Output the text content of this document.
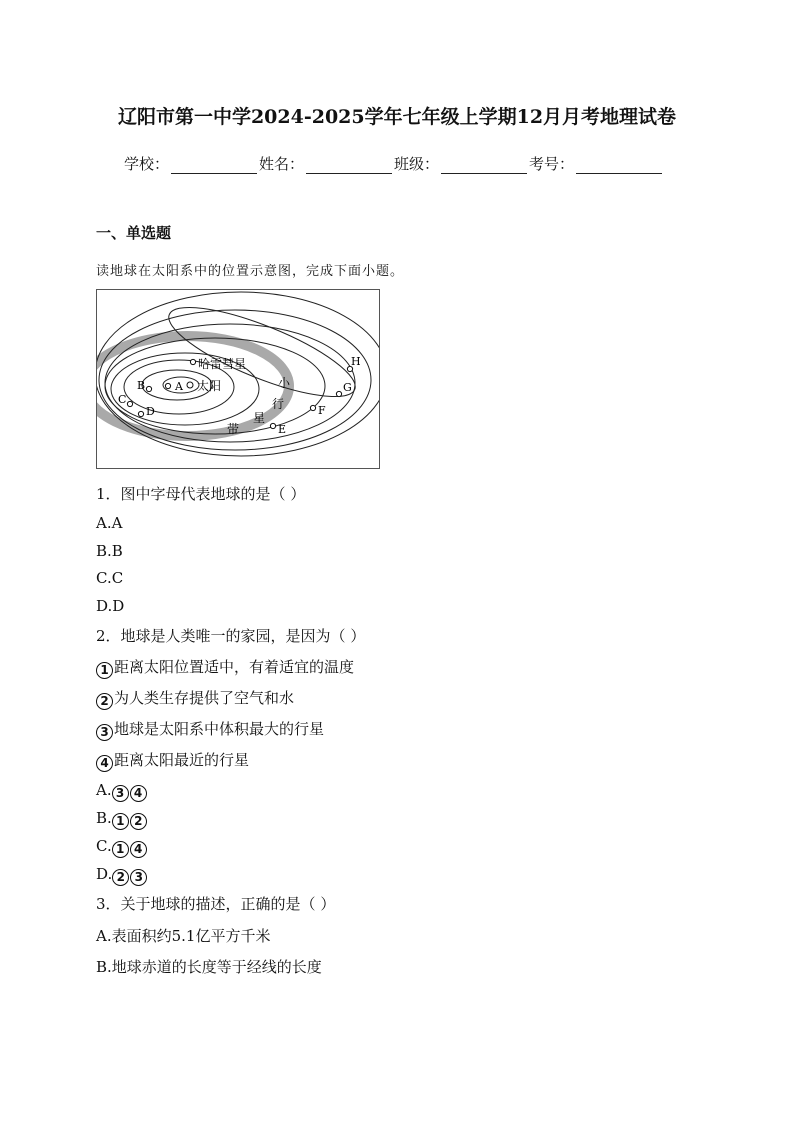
辽阳市第一中学2024-2025学年七年级上学期12月月考地理试卷
学校：	姓名：	班级：	考号：
一、单选题
读地球在太阳系中的位置示意图，完成下面小题。
太阳
哈雷彗星
A
B
C
D
E
F
G
H
小
行
星
带
1．图中字母代表地球的是（ ）
A.A
B.B
C.C
D.D
2．地球是人类唯一的家园，是因为（ ）
1 距离太阳位置适中，有着适宜的温度
2 为人类生存提供了空气和水
3 地球是太阳系中体积最大的行星
4 距离太阳最近的行星
A. 3 4
B. 1 2
C. 1 4
D. 2 3
3．关于地球的描述，正确的是（ ）
A.表面积约5.1亿平方千米
B.地球赤道的长度等于经线的长度
